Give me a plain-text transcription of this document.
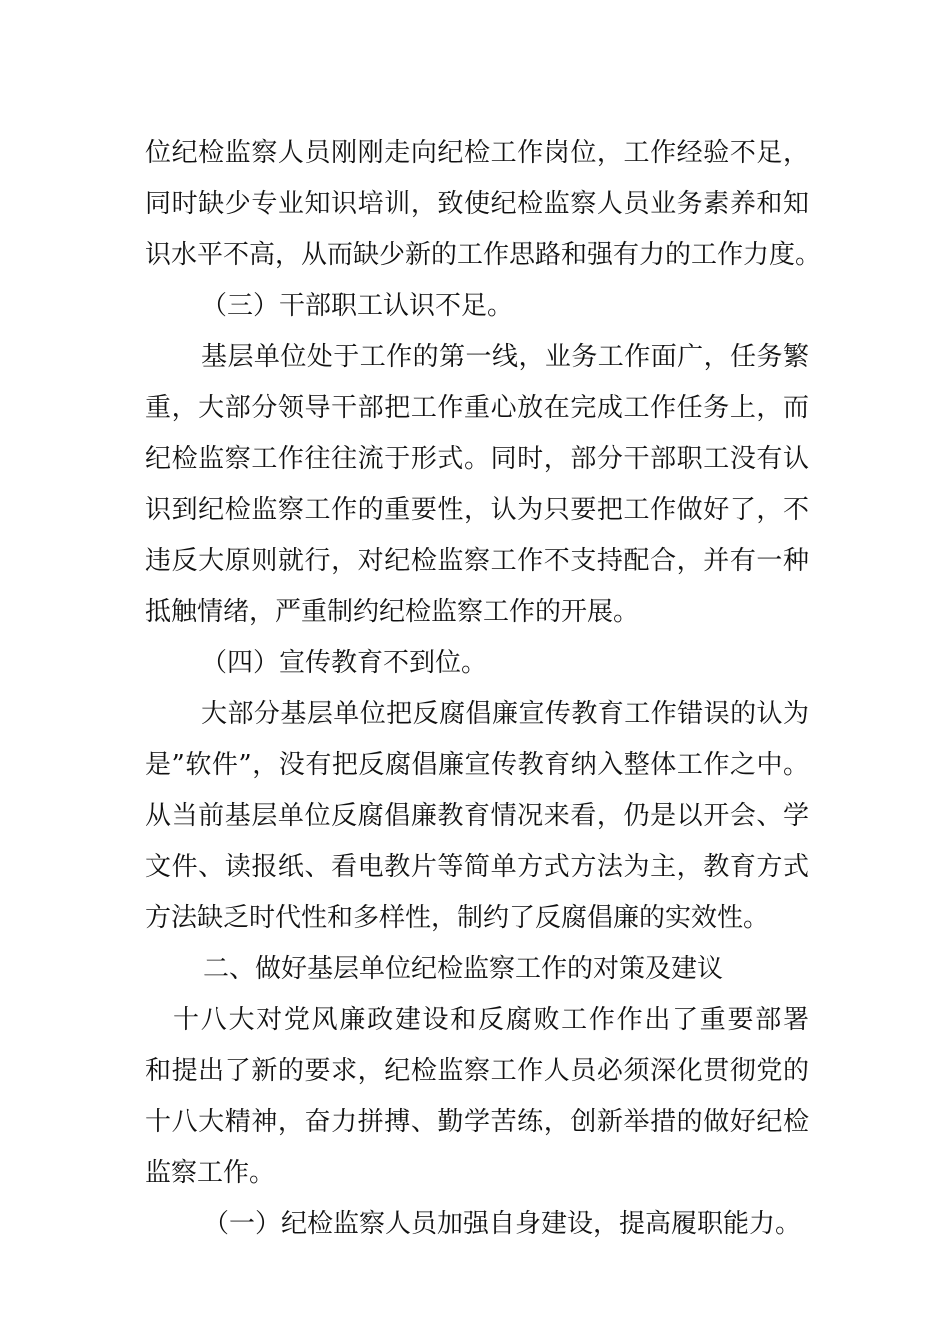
位纪检监察人员刚刚走向纪检工作岗位，工作经验不足，
同时缺少专业知识培训，致使纪检监察人员业务素养和知
识水平不高，从而缺少新的工作思路和强有力的工作力度。
（三）干部职工认识不足。
基层单位处于工作的第一线，业务工作面广，任务繁
重，大部分领导干部把工作重心放在完成工作任务上，而
纪检监察工作往往流于形式。同时，部分干部职工没有认
识到纪检监察工作的重要性，认为只要把工作做好了，不
违反大原则就行，对纪检监察工作不支持配合，并有一种
抵触情绪，严重制约纪检监察工作的开展。
（四）宣传教育不到位。
大部分基层单位把反腐倡廉宣传教育工作错误的认为
是”软件”，没有把反腐倡廉宣传教育纳入整体工作之中。
从当前基层单位反腐倡廉教育情况来看，仍是以开会、学
文件、读报纸、看电教片等简单方式方法为主，教育方式
方法缺乏时代性和多样性，制约了反腐倡廉的实效性。
二、做好基层单位纪检监察工作的对策及建议
十八大对党风廉政建设和反腐败工作作出了重要部署
和提出了新的要求，纪检监察工作人员必须深化贯彻党的
十八大精神，奋力拼搏、勤学苦练，创新举措的做好纪检
监察工作。
（一）纪检监察人员加强自身建设，提高履职能力。
